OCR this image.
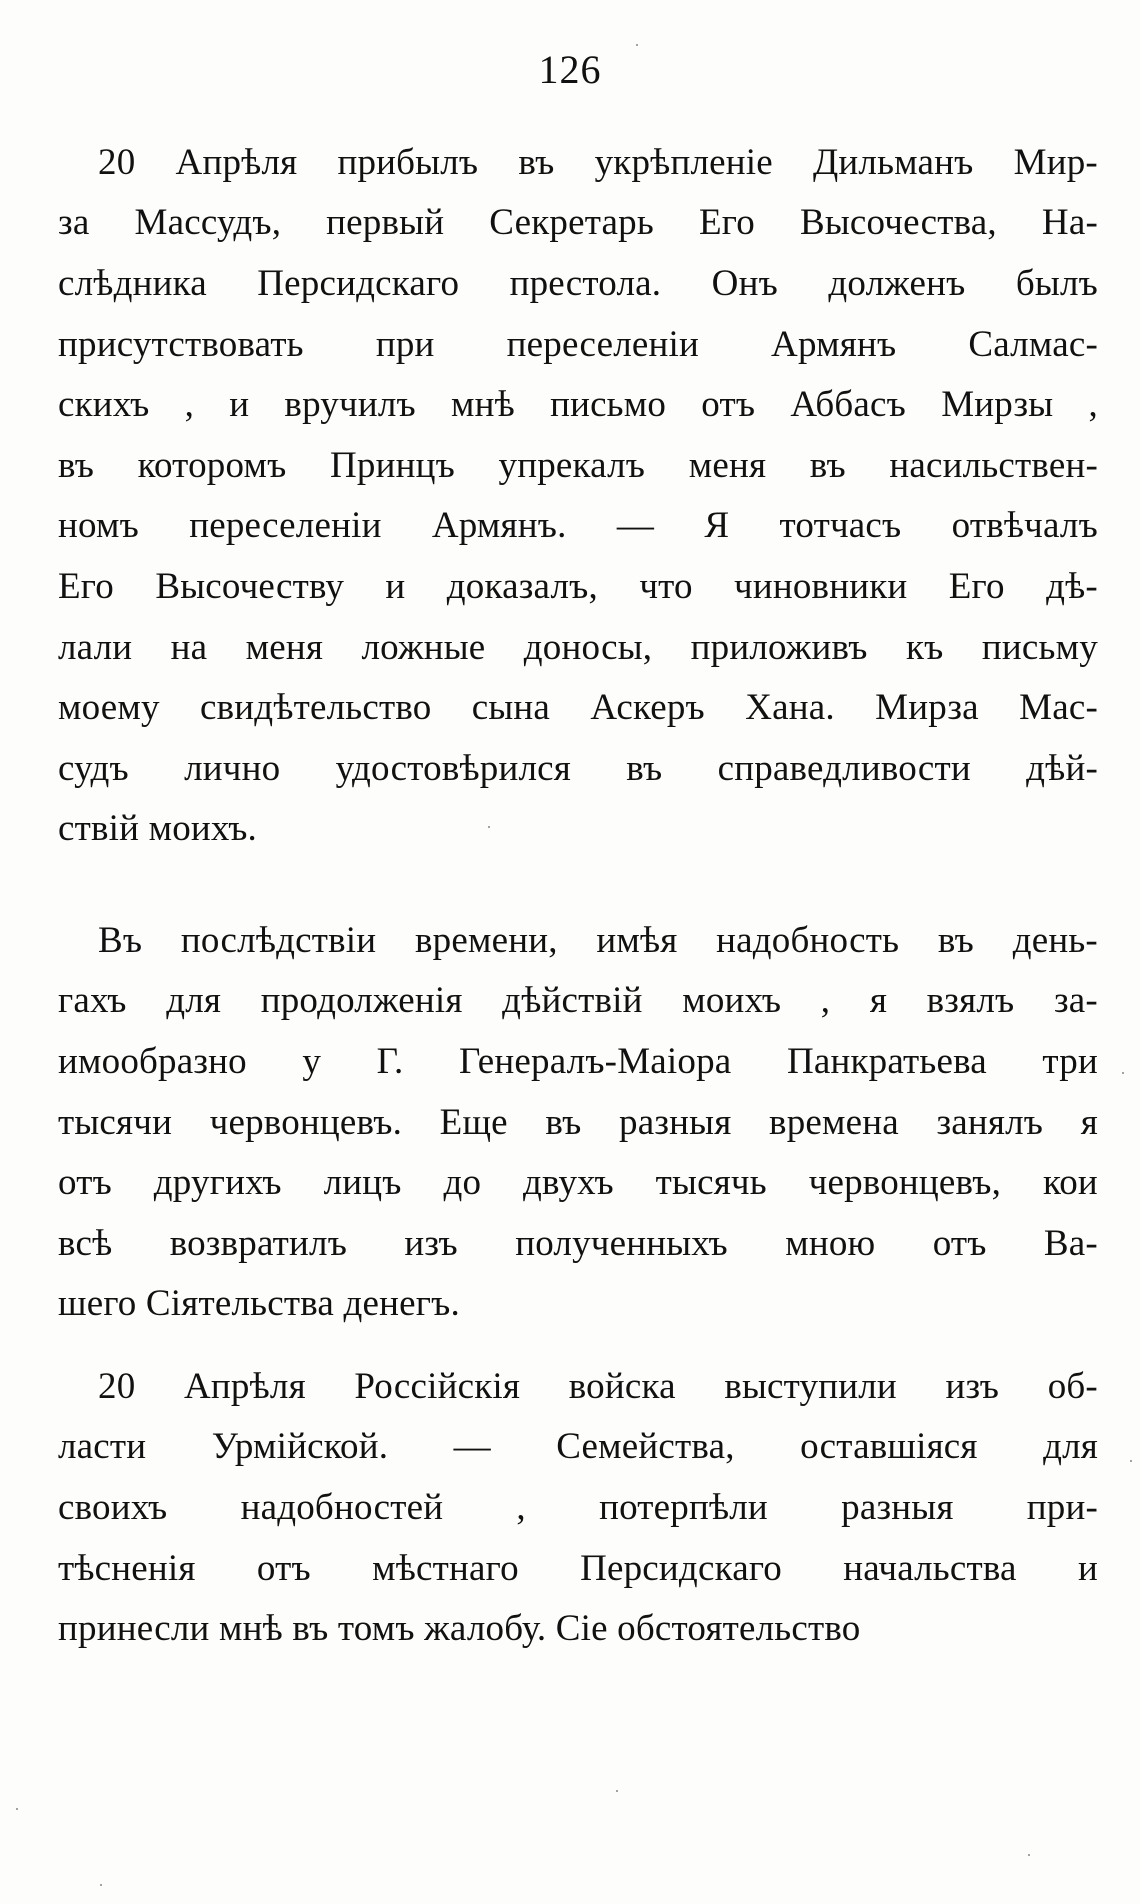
126
20 Апрѣля прибылъ въ укрѣпленіе Дильманъ Мир-
за Массудъ, первый Секретарь Его Высочества, На-
слѣдника Персидскаго престола. Онъ долженъ былъ
присутствовать при переселеніи Армянъ Салмас-
скихъ , и вручилъ мнѣ письмо отъ Аббасъ Мирзы ,
въ которомъ Принцъ упрекалъ меня въ насильствен-
номъ переселеніи Армянъ. — Я тотчасъ отвѣчалъ
Его Высочеству и доказалъ, что чиновники Его дѣ-
лали на меня ложные доносы, приложивъ къ письму
моему свидѣтельство сына Аскеръ Хана. Мирза Мас-
судъ лично удостовѣрился въ справедливости дѣй-
ствій моихъ.
Въ послѣдствіи времени, имѣя надобность въ день-
гахъ для продолженія дѣйствій моихъ , я взялъ за-
имообразно у Г. Генералъ-Маіора Панкратьева три
тысячи червонцевъ. Еще въ разныя времена занялъ я
отъ другихъ лицъ до двухъ тысячь червонцевъ, кои
всѣ возвратилъ изъ полученныхъ мною отъ Ва-
шего Сіятельства денегъ.
20 Апрѣля Россійскія войска выступили изъ об-
ласти Урмійской. — Семейства, оставшіяся для
своихъ надобностей , потерпѣли разныя при-
тѣсненія отъ мѣстнаго Персидскаго начальства и
принесли мнѣ въ томъ жалобу. Сіе обстоятельство
